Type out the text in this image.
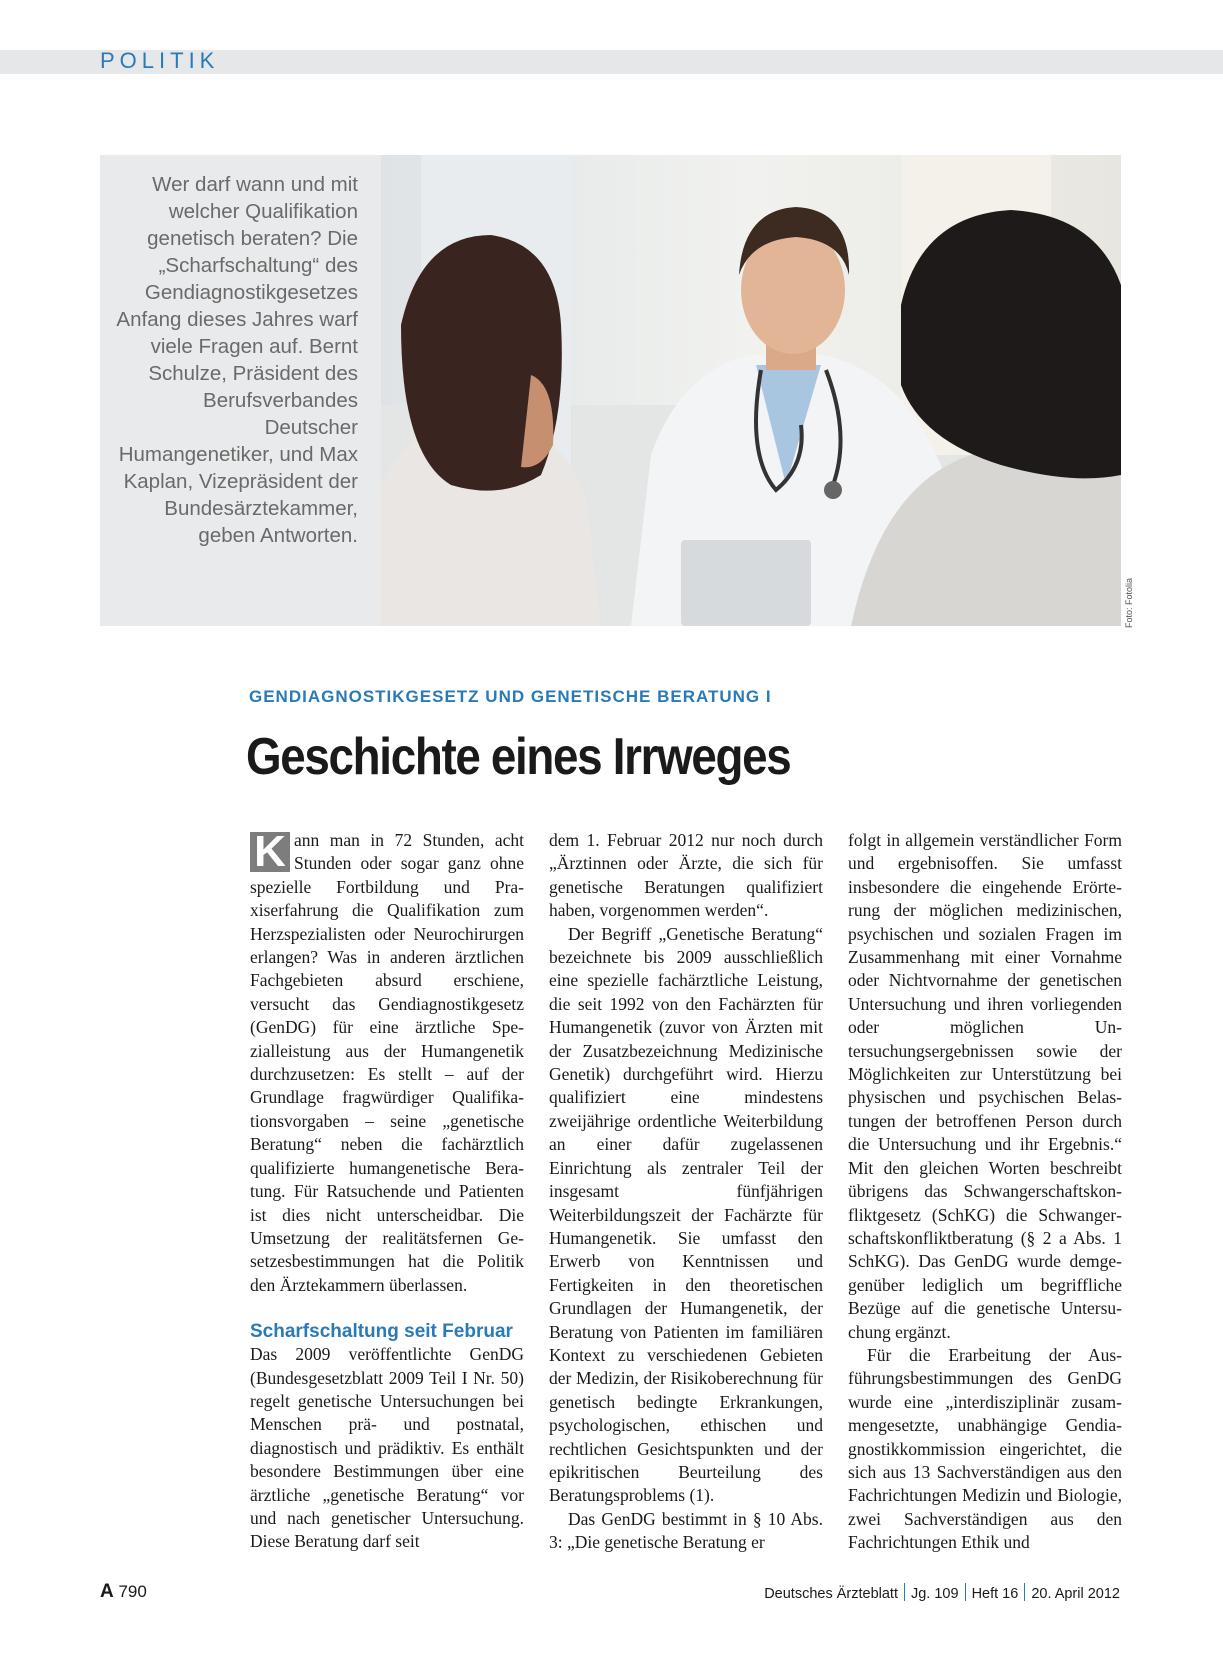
POLITIK
Wer darf wann und mit welcher Qualifikation genetisch beraten? Die „Scharfschaltung“ des Gendiagnostikgesetzes Anfang dieses Jahres warf viele Fragen auf. Bernt Schulze, Präsident des Berufsverbandes Deutscher Humangenetiker, und Max Kaplan, Vizepräsident der Bundesärztekammer, geben Antworten.
Foto: Fotolia
GENDIAGNOSTIKGESETZ UND GENETISCHE BERATUNG I
Geschichte eines Irrweges

K ann man in 72 Stunden, acht Stunden oder sogar ganz ohne spezielle Fortbildung und Praxiserfahrung die Qualifikation zum Herzspezialisten oder Neurochirurgen erlangen? Was in anderen ärztlichen Fachgebieten absurd erschiene, versucht das Gendiagnostikgesetz (GenDG) für eine ärztliche Spezialleistung aus der Humangenetik durchzusetzen: Es stellt – auf der Grundlage fragwürdiger Qualifikationsvorgaben – seine „genetische Beratung“ neben die fachärztlich qualifizierte humangenetische Beratung. Für Ratsuchende und Patienten ist dies nicht unterscheidbar. Die Umsetzung der realitätsfernen Gesetzesbestimmungen hat die Politik den Ärztekammern überlassen.

Scharfschaltung seit Februar

Das 2009 veröffentlichte GenDG (Bundesgesetzblatt 2009 Teil I Nr. 50) regelt genetische Untersuchungen bei Menschen prä- und postnatal, diagnostisch und prädiktiv. Es enthält besondere Bestimmungen über eine ärztliche „genetische Beratung“ vor und nach genetischer Untersuchung. Diese Beratung darf seit

dem 1. Februar 2012 nur noch durch „Ärztinnen oder Ärzte, die sich für genetische Beratungen qualifiziert haben, vorgenommen werden“.

Der Begriff „Genetische Beratung“ bezeichnete bis 2009 ausschließlich eine spezielle fachärztliche Leistung, die seit 1992 von den Fachärzten für Humangenetik (zuvor von Ärzten mit der Zusatzbezeichnung Medizinische Genetik) durchgeführt wird. Hierzu qualifiziert eine mindestens zweijährige ordentliche Weiterbildung an einer dafür zugelassenen Einrichtung als zentraler Teil der insgesamt fünfjährigen Weiterbildungszeit der Fachärzte für Humangenetik. Sie umfasst den Erwerb von Kenntnissen und Fertigkeiten in den theoretischen Grundlagen der Humangenetik, der Beratung von Patienten im familiären Kontext zu verschiedenen Gebieten der Medizin, der Risikoberechnung für genetisch bedingte Erkrankungen, psychologischen, ethischen und rechtlichen Gesichtspunkten und der epikritischen Beurteilung des Beratungsproblems (1).

Das GenDG bestimmt in § 10 Abs. 3: „Die genetische Beratung er

folgt in allgemein verständlicher Form und ergebnisoffen. Sie umfasst insbesondere die eingehende Erörterung der möglichen medizinischen, psychischen und sozialen Fragen im Zusammenhang mit einer Vornahme oder Nichtvornahme der genetischen Untersuchung und ihren vorliegenden oder möglichen Untersuchungsergebnissen sowie der Möglichkeiten zur Unterstützung bei physischen und psychischen Belastungen der betroffenen Person durch die Untersuchung und ihr Ergebnis.“ Mit den gleichen Worten beschreibt übrigens das Schwangerschaftskonfliktgesetz (SchKG) die Schwangerschaftskonfliktberatung (§ 2 a Abs. 1 SchKG). Das GenDG wurde demgegenüber lediglich um begriffliche Bezüge auf die genetische Untersuchung ergänzt.

Für die Erarbeitung der Ausführungsbestimmungen des GenDG wurde eine „interdisziplinär zusammengesetzte, unabhängige Gendiagnostikkommission eingerichtet, die sich aus 13 Sachverständigen aus den Fachrichtungen Medizin und Biologie, zwei Sachverständigen aus den Fachrichtungen Ethik und

A 790	Deutsches Ärzteblatt Jg. 109 Heft 16 20. April 2012
